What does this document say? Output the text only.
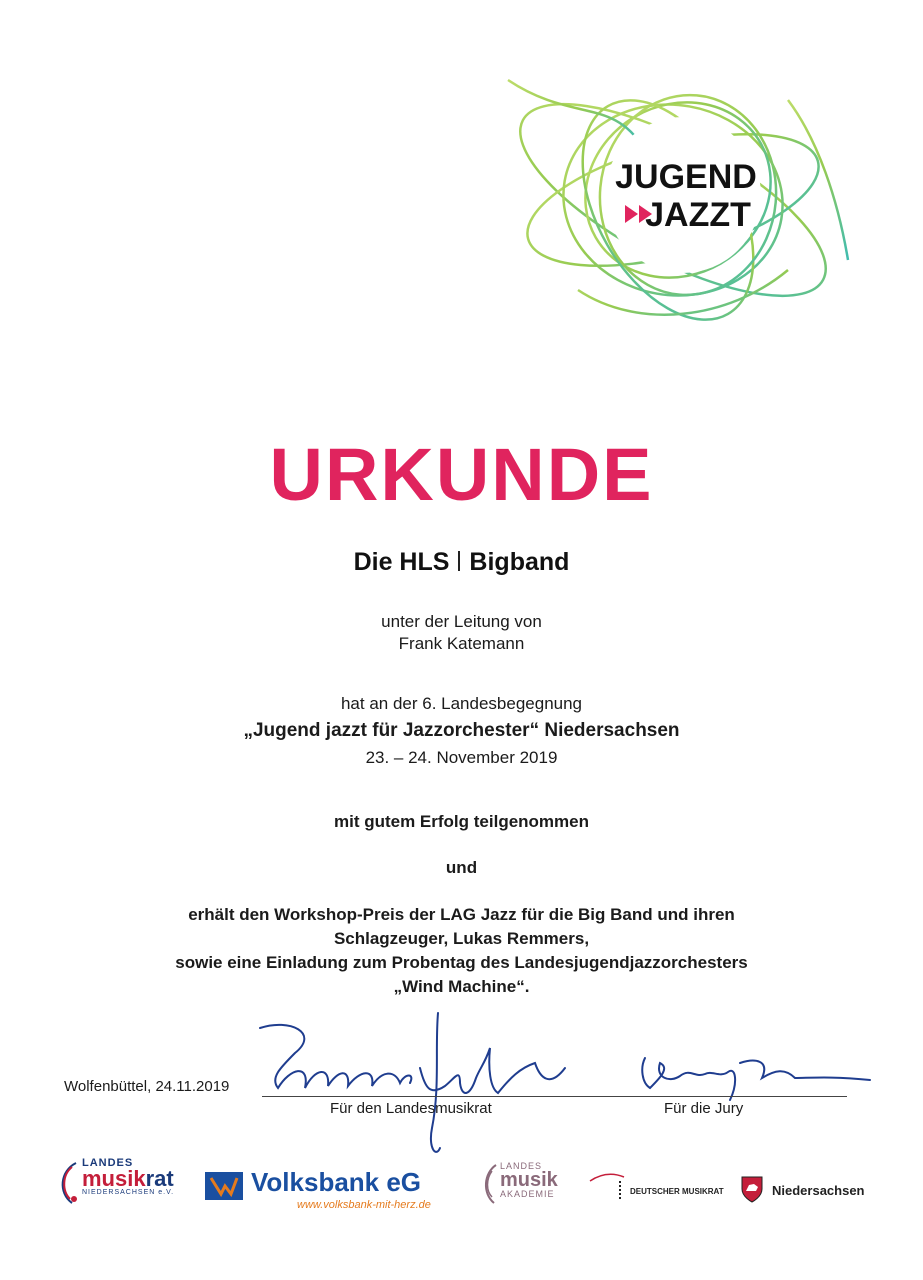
JUGEND
JAZZT
URKUNDE
Die HLS Bigband
unter der Leitung von
Frank Katemann
hat an der 6. Landesbegegnung
„Jugend jazzt für Jazzorchester“ Niedersachsen
23. – 24. November 2019
mit gutem Erfolg teilgenommen
und
erhält den Workshop-Preis der LAG Jazz für die Big Band und ihren
Schlagzeuger, Lukas Remmers,
sowie eine Einladung zum Probentag des Landesjugendjazzorchesters
„Wind Machine“.
Wolfenbüttel, 24.11.2019
Für den Landesmusikrat	Für die Jury
LANDES
musikrat
NIEDERSACHSEN e.V.	Volksbank eG
www.volksbank-mit-herz.de
LANDES
musik
AKADEMIE	DEUTSCHER MUSIKRAT	Niedersachsen
